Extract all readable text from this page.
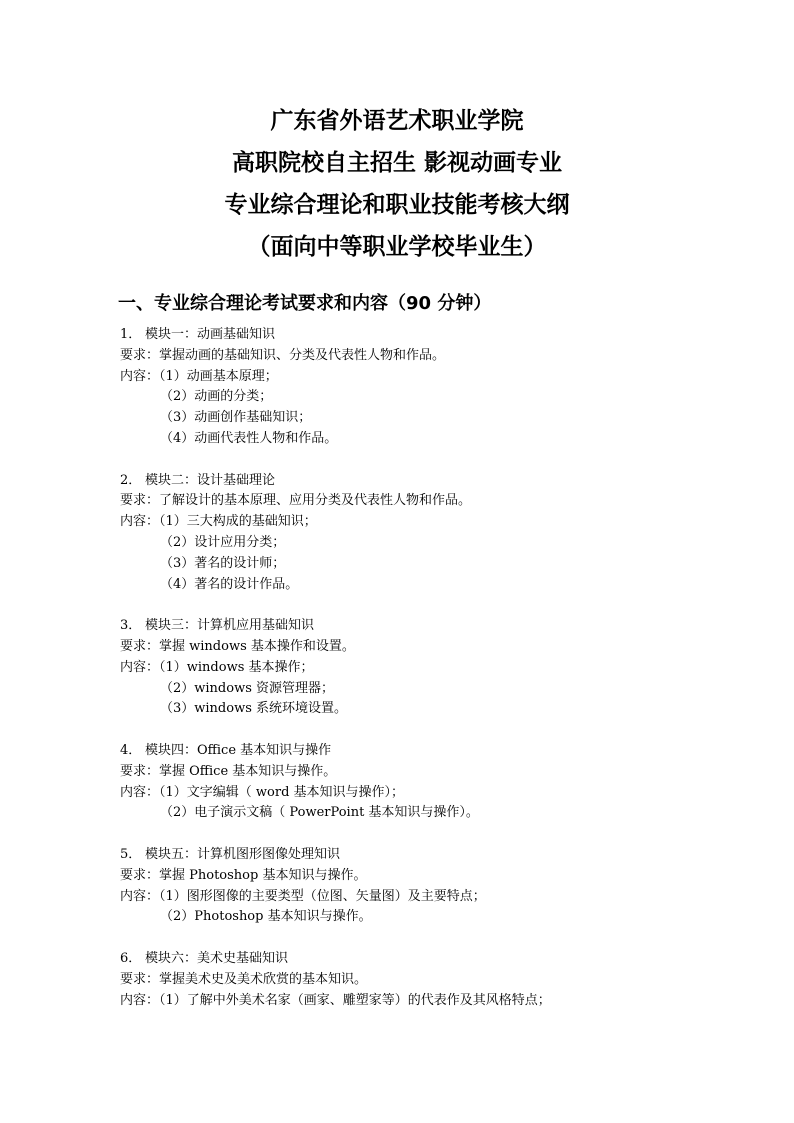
广东省外语艺术职业学院
高职院校自主招生 影视动画专业
专业综合理论和职业技能考核大纲
（面向中等职业学校毕业生）
一、专业综合理论考试要求和内容（90 分钟）
1． 模块一：动画基础知识
要求：掌握动画的基础知识、分类及代表性人物和作品。
内容：（1）动画基本原理；
（2）动画的分类；
（3）动画创作基础知识；
（4）动画代表性人物和作品。
2． 模块二：设计基础理论
要求：了解设计的基本原理、应用分类及代表性人物和作品。
内容：（1）三大构成的基础知识；
（2）设计应用分类；
（3）著名的设计师；
（4）著名的设计作品。
3． 模块三：计算机应用基础知识
要求：掌握 windows 基本操作和设置。
内容：（1）windows 基本操作；
（2）windows 资源管理器；
（3）windows 系统环境设置。
4． 模块四：Office 基本知识与操作
要求：掌握 Office 基本知识与操作。
内容：（1）文字编辑（ word 基本知识与操作）；
（2）电子演示文稿（ PowerPoint 基本知识与操作）。
5． 模块五：计算机图形图像处理知识
要求：掌握 Photoshop 基本知识与操作。
内容：（1）图形图像的主要类型（位图、矢量图）及主要特点；
（2）Photoshop 基本知识与操作。
6． 模块六：美术史基础知识
要求：掌握美术史及美术欣赏的基本知识。
内容：（1）了解中外美术名家（画家、雕塑家等）的代表作及其风格特点；
